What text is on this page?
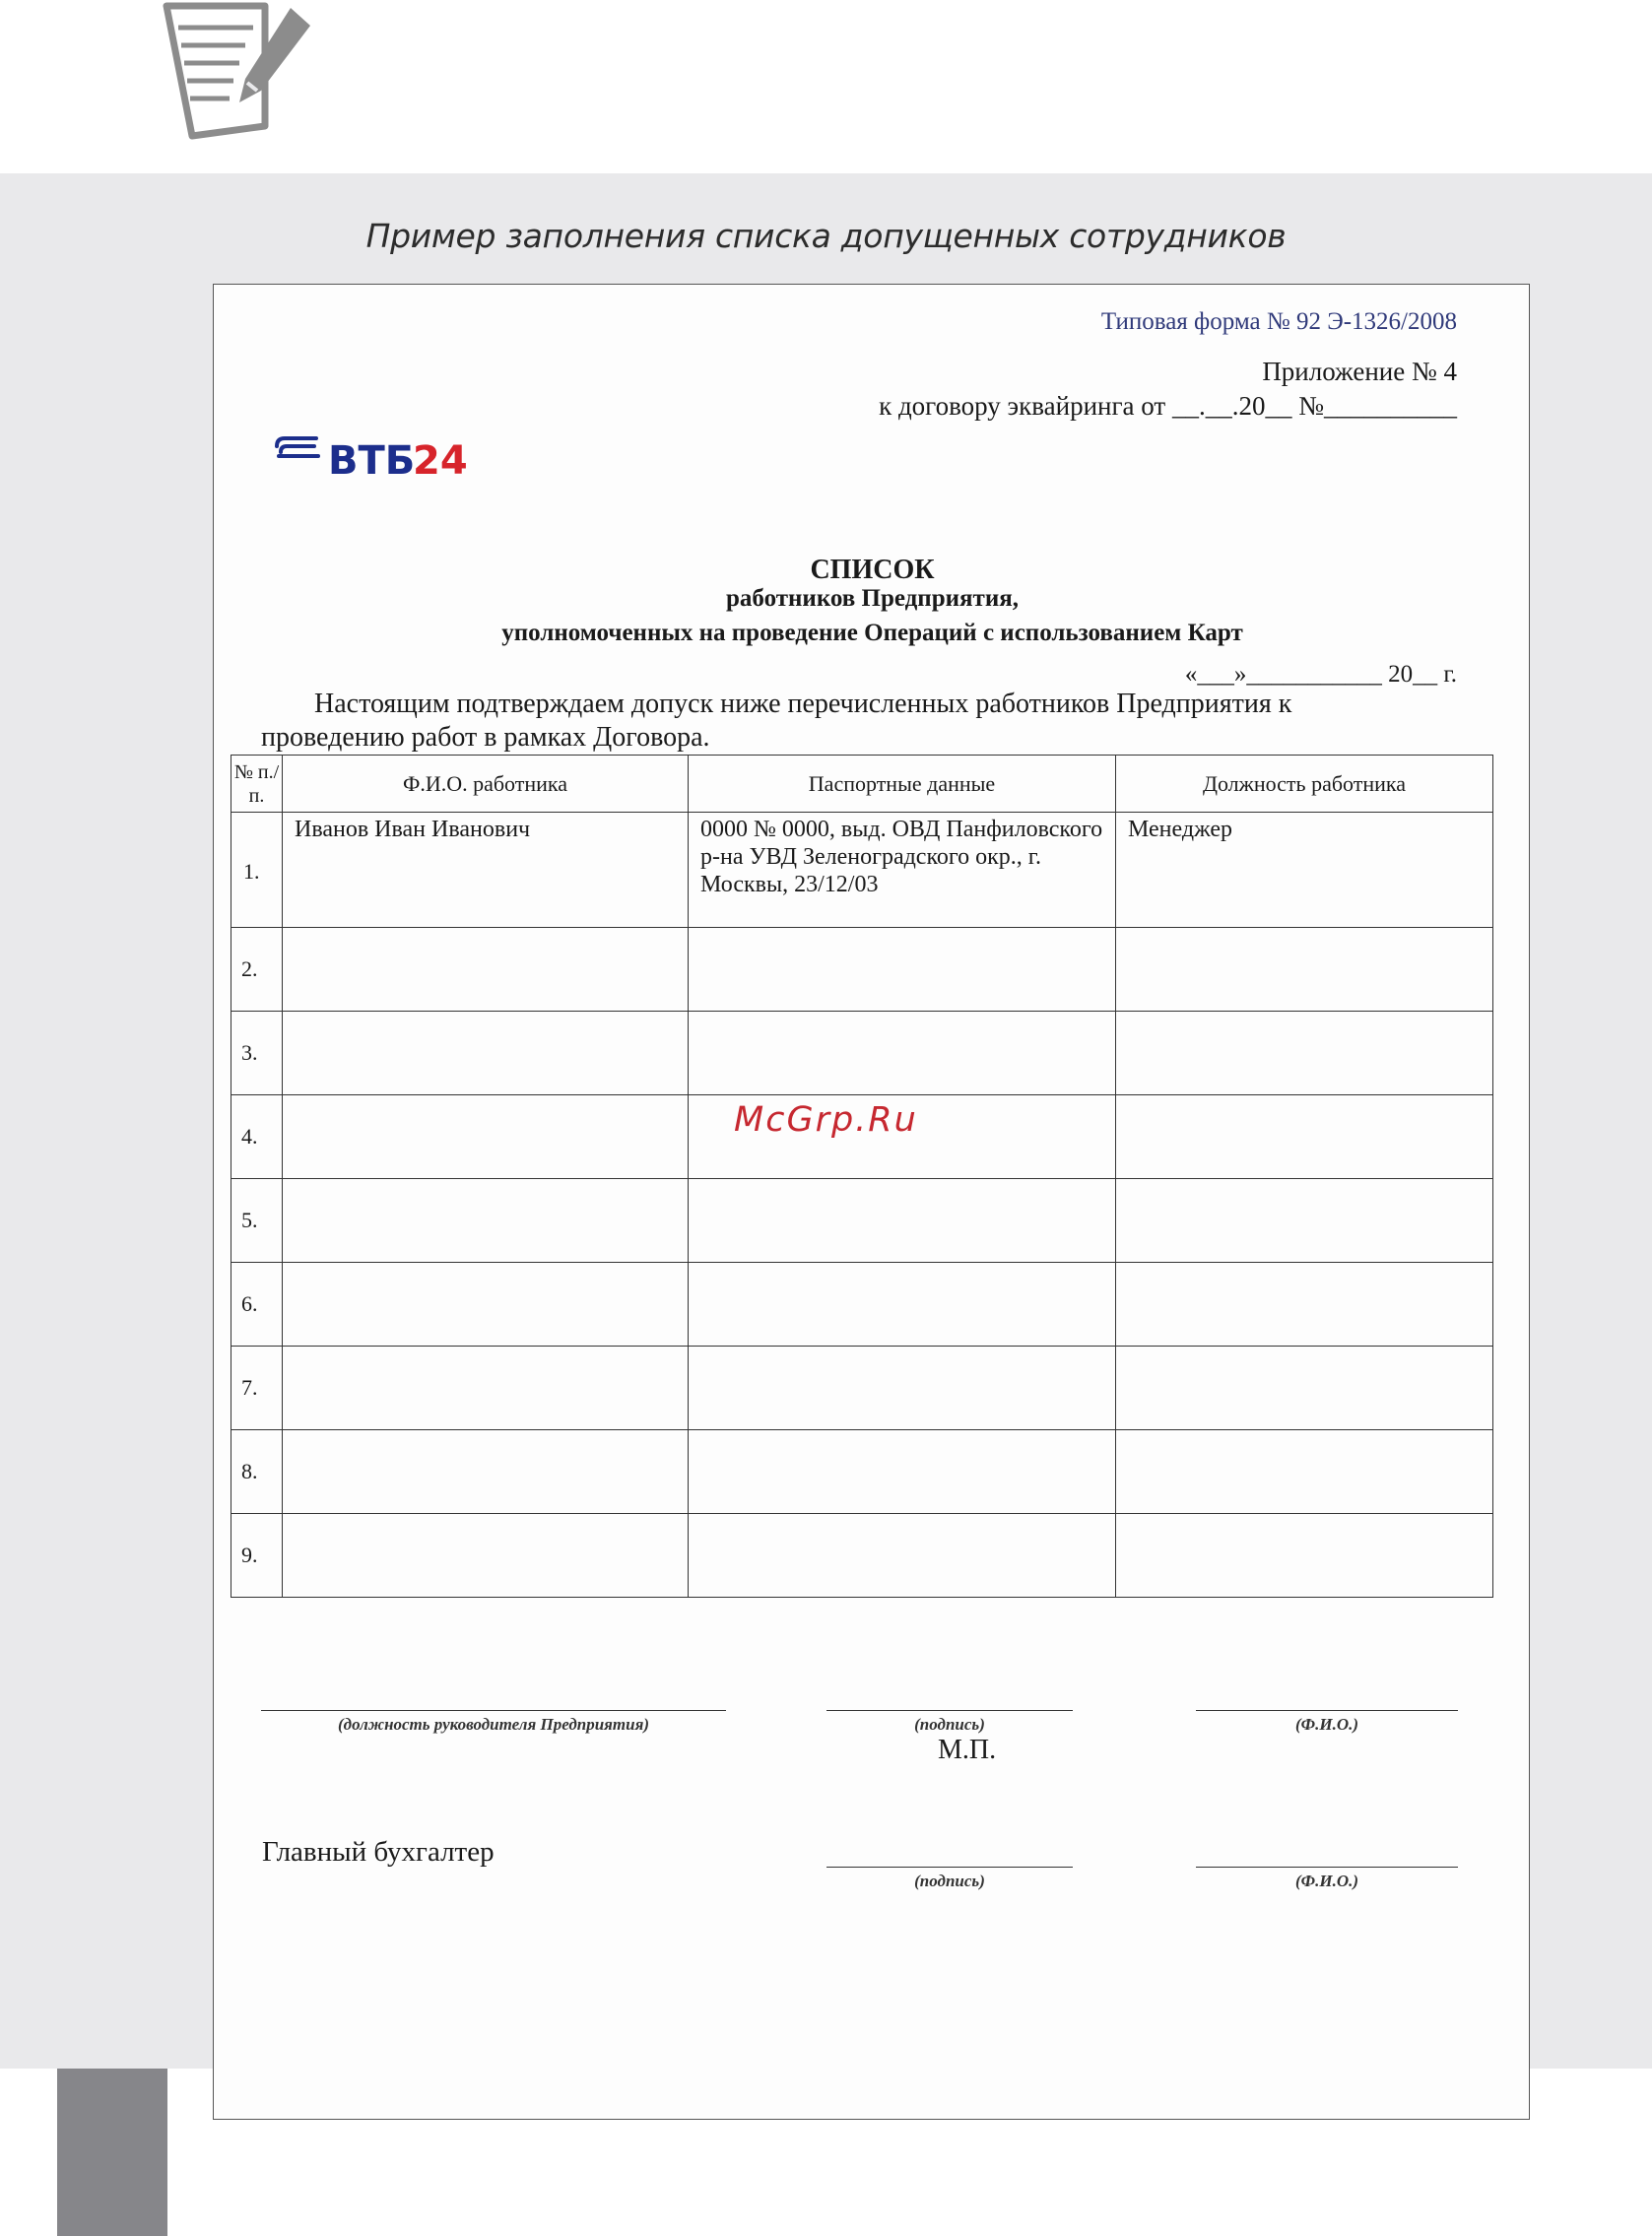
Пример заполнения списка допущенных сотрудников
Типовая форма № 92 Э-1326/2008
Приложение № 4
к договору эквайринга от __.__.20__ №__________
ВТБ
24
СПИСОК
работников Предприятия,
уполномоченных на проведение Операций с использованием Карт
«___»___________ 20__ г.
Настоящим подтверждаем допуск ниже перечисленных работников Предприятия к
проведению работ в рамках Договора.
№ п./п.	Ф.И.О. работника	Паспортные данные	Должность работника
1.	Иванов Иван Иванович	0000 № 0000, выд. ОВД Панфиловского р-на УВД Зеленоградского окр., г. Москвы, 23/12/03	Менеджер
2.			
3.			
4.			
5.			
6.			
7.			
8.			
9.			
McGrp.Ru
(должность руководителя Предприятия)	(подпись)	(Ф.И.О.)
М.П.
Главный бухгалтер
(подпись)	(Ф.И.О.)
